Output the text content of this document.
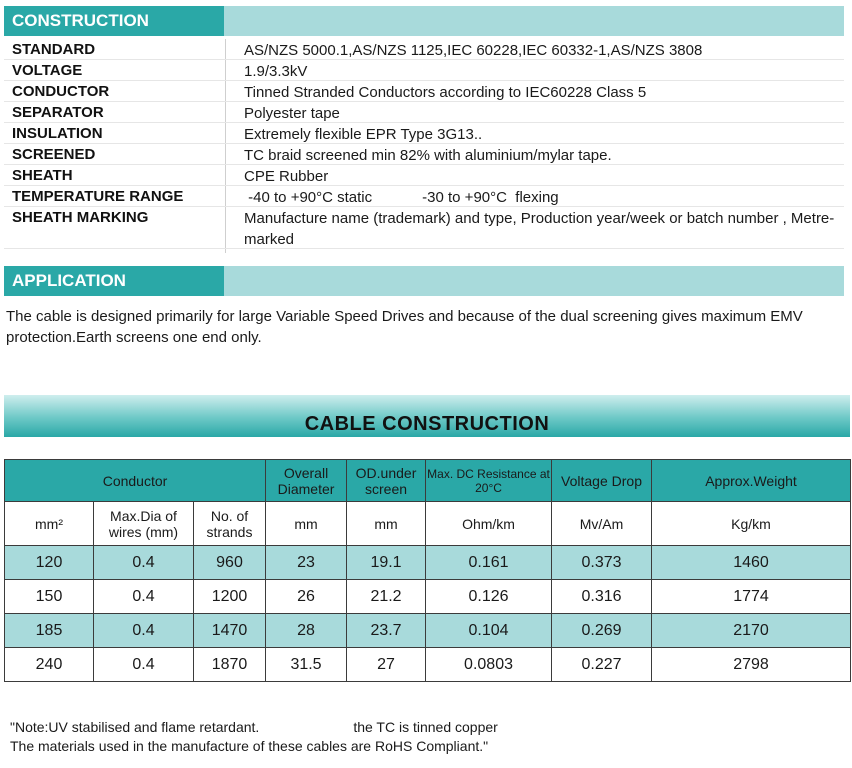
CONSTRUCTION
STANDARD	AS/NZS 5000.1,AS/NZS 1125,IEC 60228,IEC 60332-1,AS/NZS 3808
VOLTAGE	1.9/3.3kV
CONDUCTOR	Tinned Stranded Conductors according to IEC60228 Class 5
SEPARATOR	Polyester tape
INSULATION	Extremely flexible EPR Type 3G13..
SCREENED	TC braid screened min 82% with aluminium/mylar tape.
SHEATH	CPE Rubber
TEMPERATURE RANGE	-40 to +90°C static            -30 to +90°C  flexing
SHEATH MARKING	Manufacture name (trademark) and type, Production year/week or batch number , Metre-marked
APPLICATION
The cable is designed primarily for large Variable Speed Drives and because of the dual screening gives maximum EMV protection.Earth screens one end only.
CABLE CONSTRUCTION
Conductor			Overall Diameter	OD.under screen	Max. DC Resistance at 20°C	Voltage Drop	Approx.Weight
mm²	Max.Dia of wires (mm)	No. of strands	mm	mm	Ohm/km	Mv/Am	Kg/km
120	0.4	960	23	19.1	0.161	0.373	1460
150	0.4	1200	26	21.2	0.126	0.316	1774
185	0.4	1470	28	23.7	0.104	0.269	2170
240	0.4	1870	31.5	27	0.0803	0.227	2798
"Note:UV stabilised and flame retardant.	the TC is tinned copper
The materials used in the manufacture of these cables are RoHS Compliant."
